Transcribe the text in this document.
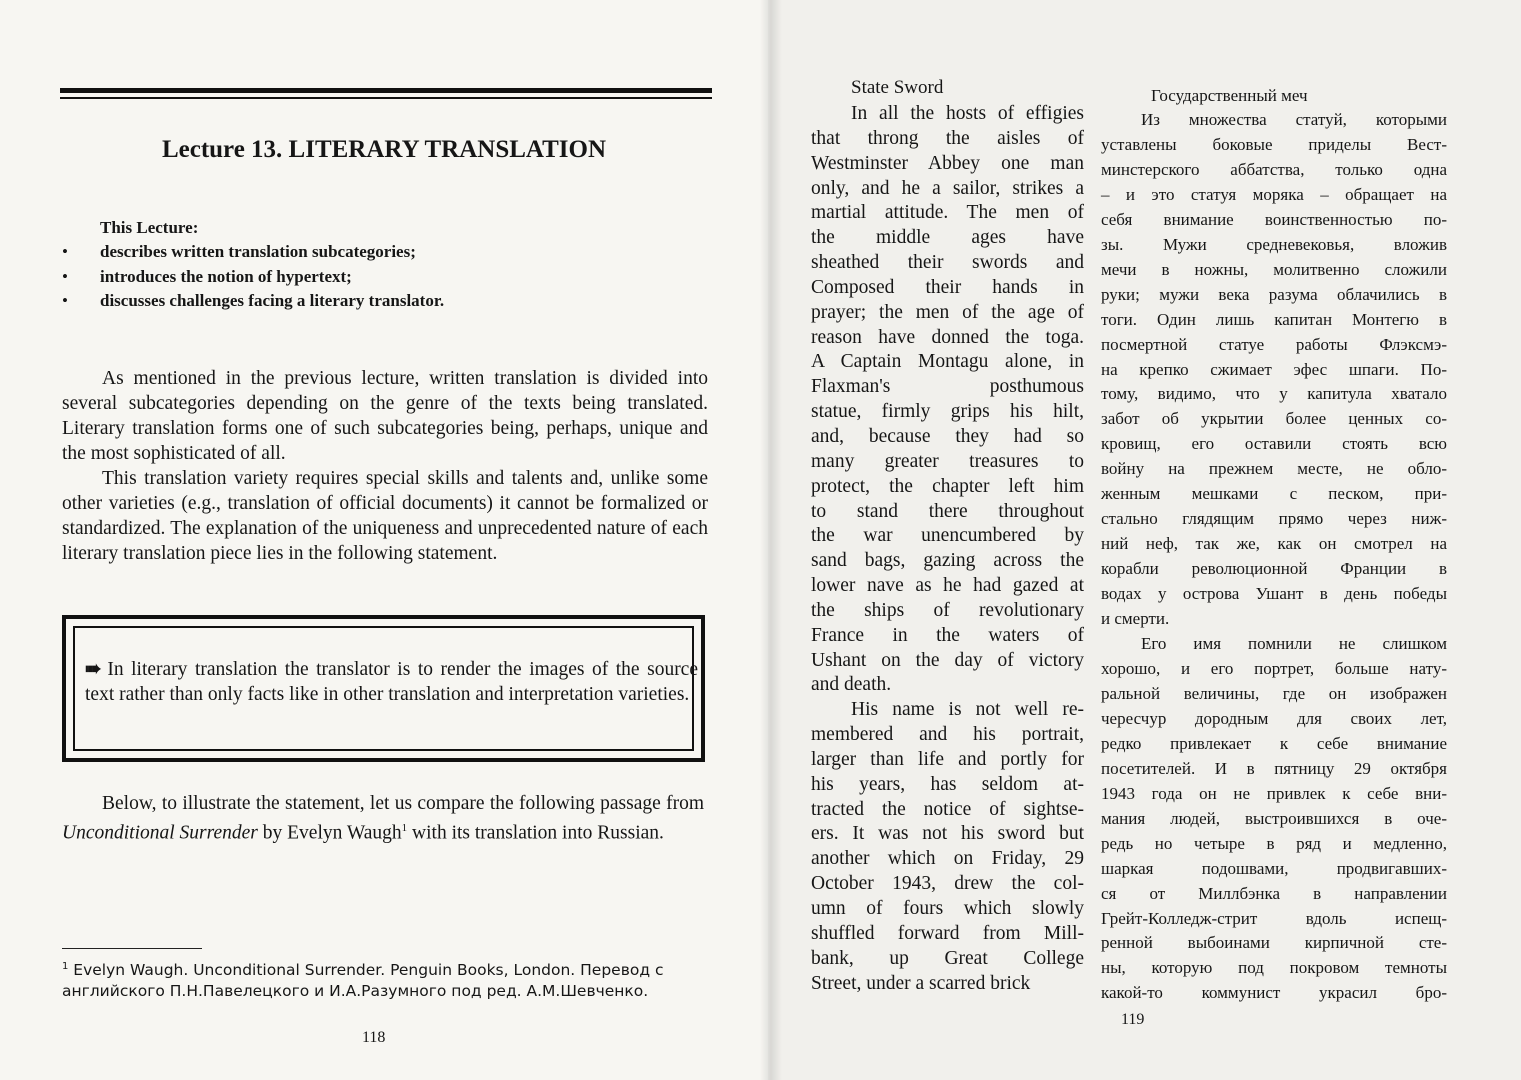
Lecture 13. LITERARY TRANSLATION
This Lecture:
•
•
•
describes written translation subcategories;
introduces the notion of hypertext;
discusses challenges facing a literary translator.
As mentioned in the previous lecture, written translation is divided into several subcategories depending on the genre of the texts being translated. Literary translation forms one of such subcategories being, perhaps, unique and the most sophisticated of all.
This translation variety requires special skills and talents and, unlike some other varieties (e.g., translation of official documents) it cannot be formalized or standardized. The explanation of the uniqueness and unprecedented nature of each literary translation piece lies in the following statement.
➠ In literary translation the translator is to render the images of the source text rather than only facts like in other translation and interpretation varieties.
Below, to illustrate the statement, let us compare the following passage from Unconditional Surrender by Evelyn Waugh$^1$ with its translation into Russian.
$^1$ Evelyn Waugh. Unconditional Surrender. Penguin Books, London. Перевод с английского П.Н.Павелецкого и И.А.Разумного под ред. А.М.Шевченко.
118
State Sword
In all the hosts of effigies
that throng the aisles of
Westminster Abbey one man
only, and he a sailor, strikes a
martial attitude. The men of
the middle ages have
sheathed their swords and
Composed their hands in
prayer; the men of the age of
reason have donned the toga.
A Captain Montagu alone, in
Flaxman's posthumous
statue, firmly grips his hilt,
and, because they had so
many greater treasures to
protect, the chapter left him
to stand there throughout
the war unencumbered by
sand bags, gazing across the
lower nave as he had gazed at
the ships of revolutionary
France in the waters of
Ushant on the day of victory
and death.
His name is not well re-
membered and his portrait,
larger than life and portly for
his years, has seldom at-
tracted the notice of sightse-
ers. It was not his sword but
another which on Friday, 29
October 1943, drew the col-
umn of fours which slowly
shuffled forward from Mill-
bank, up Great College
Street, under a scarred brick
Государственный меч
Из множества статуй, которыми
уставлены боковые приделы Вест-
минстерского аббатства, только одна
– и это статуя моряка – обращает на
себя внимание воинственностью по-
зы. Мужи средневековья, вложив
мечи в ножны, молитвенно сложили
руки; мужи века разума облачились в
тоги. Один лишь капитан Монтегю в
посмертной статуе работы Флэксмэ-
на крепко сжимает эфес шпаги. По-
тому, видимо, что у капитула хватало
забот об укрытии более ценных со-
кровищ, его оставили стоять всю
войну на прежнем месте, не обло-
женным мешками с песком, при-
стально глядящим прямо через ниж-
ний неф, так же, как он смотрел на
корабли революционной Франции в
водах у острова Ушант в день победы
и смерти.
Его имя помнили не слишком
хорошо, и его портрет, больше нату-
ральной величины, где он изображен
чересчур дородным для своих лет,
редко привлекает к себе внимание
посетителей. И в пятницу 29 октября
1943 года он не привлек к себе вни-
мания людей, выстроившихся в оче-
редь но четыре в ряд и медленно,
шаркая подошвами, продвигавших-
ся от Миллбэнка в направлении
Грейт-Колледж-стрит вдоль испещ-
ренной выбоинами кирпичной сте-
ны, которую под покровом темноты
какой-то коммунист украсил бро-
119
